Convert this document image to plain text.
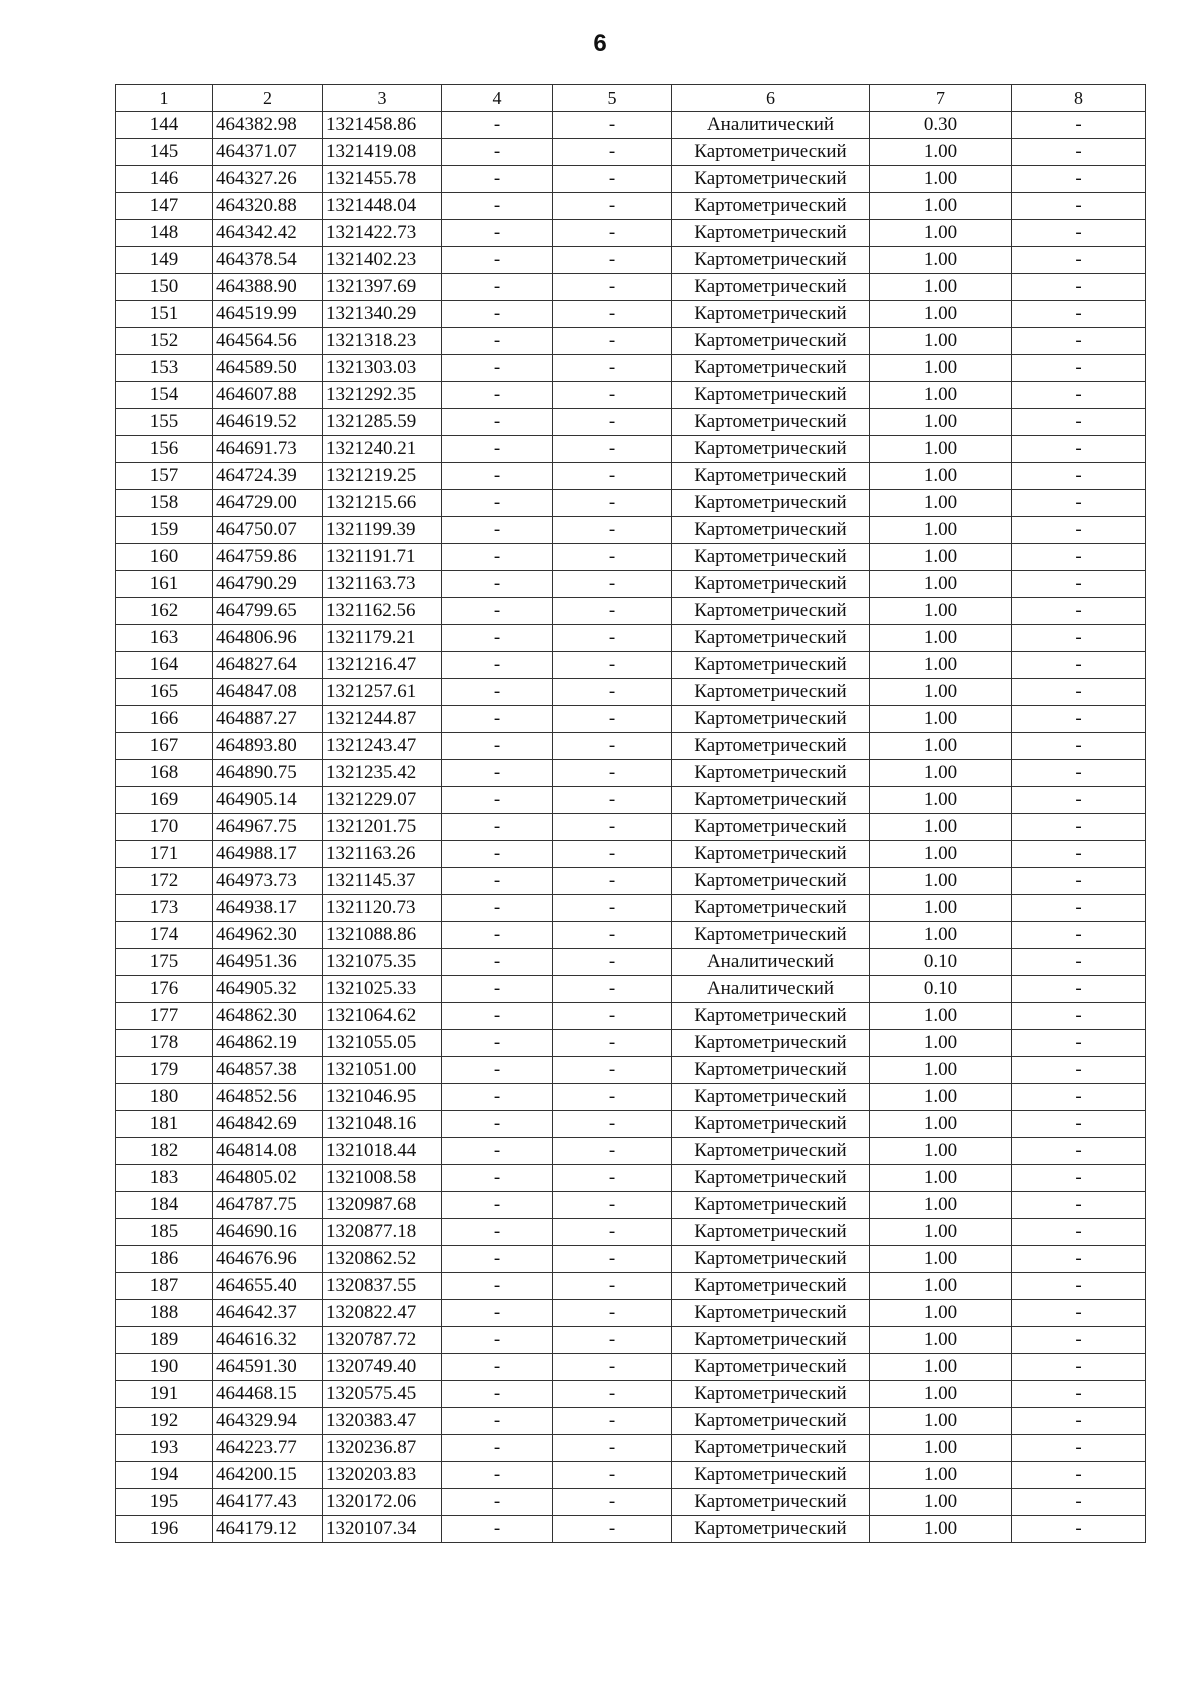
6
1	2	3	4	5	6	7	8
144	464382.98	1321458.86	-	-	Аналитический	0.30	-
145	464371.07	1321419.08	-	-	Картометрический	1.00	-
146	464327.26	1321455.78	-	-	Картометрический	1.00	-
147	464320.88	1321448.04	-	-	Картометрический	1.00	-
148	464342.42	1321422.73	-	-	Картометрический	1.00	-
149	464378.54	1321402.23	-	-	Картометрический	1.00	-
150	464388.90	1321397.69	-	-	Картометрический	1.00	-
151	464519.99	1321340.29	-	-	Картометрический	1.00	-
152	464564.56	1321318.23	-	-	Картометрический	1.00	-
153	464589.50	1321303.03	-	-	Картометрический	1.00	-
154	464607.88	1321292.35	-	-	Картометрический	1.00	-
155	464619.52	1321285.59	-	-	Картометрический	1.00	-
156	464691.73	1321240.21	-	-	Картометрический	1.00	-
157	464724.39	1321219.25	-	-	Картометрический	1.00	-
158	464729.00	1321215.66	-	-	Картометрический	1.00	-
159	464750.07	1321199.39	-	-	Картометрический	1.00	-
160	464759.86	1321191.71	-	-	Картометрический	1.00	-
161	464790.29	1321163.73	-	-	Картометрический	1.00	-
162	464799.65	1321162.56	-	-	Картометрический	1.00	-
163	464806.96	1321179.21	-	-	Картометрический	1.00	-
164	464827.64	1321216.47	-	-	Картометрический	1.00	-
165	464847.08	1321257.61	-	-	Картометрический	1.00	-
166	464887.27	1321244.87	-	-	Картометрический	1.00	-
167	464893.80	1321243.47	-	-	Картометрический	1.00	-
168	464890.75	1321235.42	-	-	Картометрический	1.00	-
169	464905.14	1321229.07	-	-	Картометрический	1.00	-
170	464967.75	1321201.75	-	-	Картометрический	1.00	-
171	464988.17	1321163.26	-	-	Картометрический	1.00	-
172	464973.73	1321145.37	-	-	Картометрический	1.00	-
173	464938.17	1321120.73	-	-	Картометрический	1.00	-
174	464962.30	1321088.86	-	-	Картометрический	1.00	-
175	464951.36	1321075.35	-	-	Аналитический	0.10	-
176	464905.32	1321025.33	-	-	Аналитический	0.10	-
177	464862.30	1321064.62	-	-	Картометрический	1.00	-
178	464862.19	1321055.05	-	-	Картометрический	1.00	-
179	464857.38	1321051.00	-	-	Картометрический	1.00	-
180	464852.56	1321046.95	-	-	Картометрический	1.00	-
181	464842.69	1321048.16	-	-	Картометрический	1.00	-
182	464814.08	1321018.44	-	-	Картометрический	1.00	-
183	464805.02	1321008.58	-	-	Картометрический	1.00	-
184	464787.75	1320987.68	-	-	Картометрический	1.00	-
185	464690.16	1320877.18	-	-	Картометрический	1.00	-
186	464676.96	1320862.52	-	-	Картометрический	1.00	-
187	464655.40	1320837.55	-	-	Картометрический	1.00	-
188	464642.37	1320822.47	-	-	Картометрический	1.00	-
189	464616.32	1320787.72	-	-	Картометрический	1.00	-
190	464591.30	1320749.40	-	-	Картометрический	1.00	-
191	464468.15	1320575.45	-	-	Картометрический	1.00	-
192	464329.94	1320383.47	-	-	Картометрический	1.00	-
193	464223.77	1320236.87	-	-	Картометрический	1.00	-
194	464200.15	1320203.83	-	-	Картометрический	1.00	-
195	464177.43	1320172.06	-	-	Картометрический	1.00	-
196	464179.12	1320107.34	-	-	Картометрический	1.00	-
